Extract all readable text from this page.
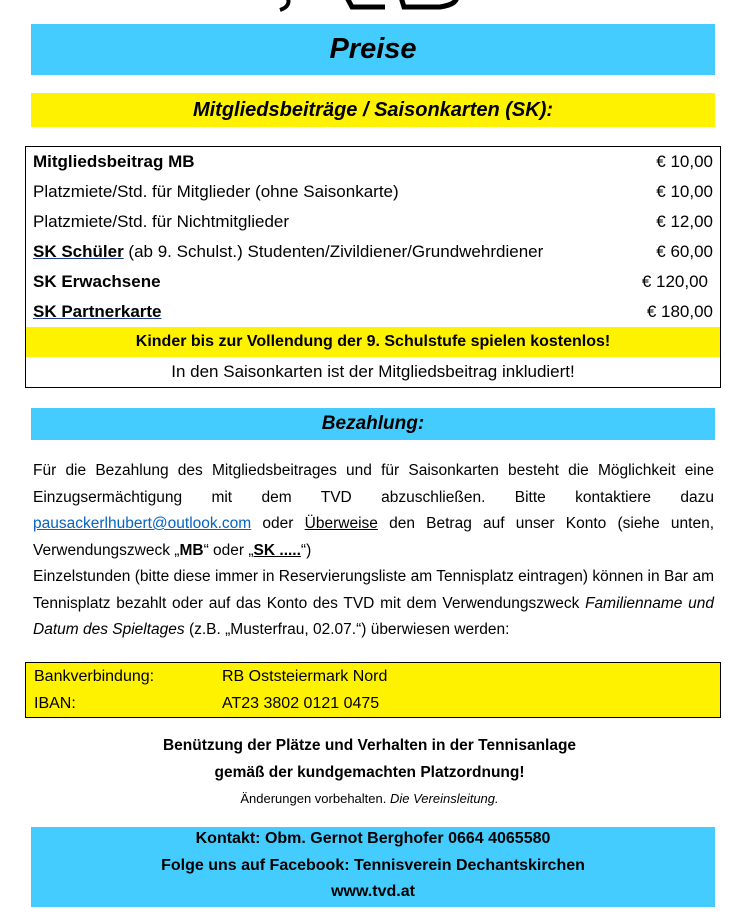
Preise
Mitgliedsbeiträge / Saisonkarten (SK):
Mitgliedsbeitrag MB	€ 10,00
Platzmiete/Std. für Mitglieder (ohne Saisonkarte)	€ 10,00
Platzmiete/Std. für Nichtmitglieder	€ 12,00
SK Schüler (ab 9. Schulst.) Studenten/Zivildiener/Grundwehrdiener	€ 60,00
SK Erwachsene	€ 120,00
SK Partnerkarte	€ 180,00
Kinder bis zur Vollendung der 9. Schulstufe spielen kostenlos!
In den Saisonkarten ist der Mitgliedsbeitrag inkludiert!
Bezahlung:

Für die Bezahlung des Mitgliedsbeitrages und für Saisonkarten besteht die Möglichkeit eine Einzugsermächtigung mit dem TVD abzuschließen. Bitte kontaktiere dazu pausackerlhubert@outlook.com oder Überweise den Betrag auf unser Konto (siehe unten, Verwendungszweck „MB“ oder „SK .....“)

Einzelstunden (bitte diese immer in Reservierungsliste am Tennisplatz eintragen) können in Bar am Tennisplatz bezahlt oder auf das Konto des TVD mit dem Verwendungszweck Familienname und Datum des Spieltages (z.B. „Musterfrau, 02.07.“) überwiesen werden:

Bankverbindung:	RB Oststeiermark Nord
IBAN:	AT23 3802 0121 0475
Benützung der Plätze und Verhalten in der Tennisanlage
gemäß der kundgemachten Platzordnung!
Änderungen vorbehalten. Die Vereinsleitung.
Kontakt: Obm. Gernot Berghofer 0664 4065580
Folge uns auf Facebook: Tennisverein Dechantskirchen
www.tvd.at
